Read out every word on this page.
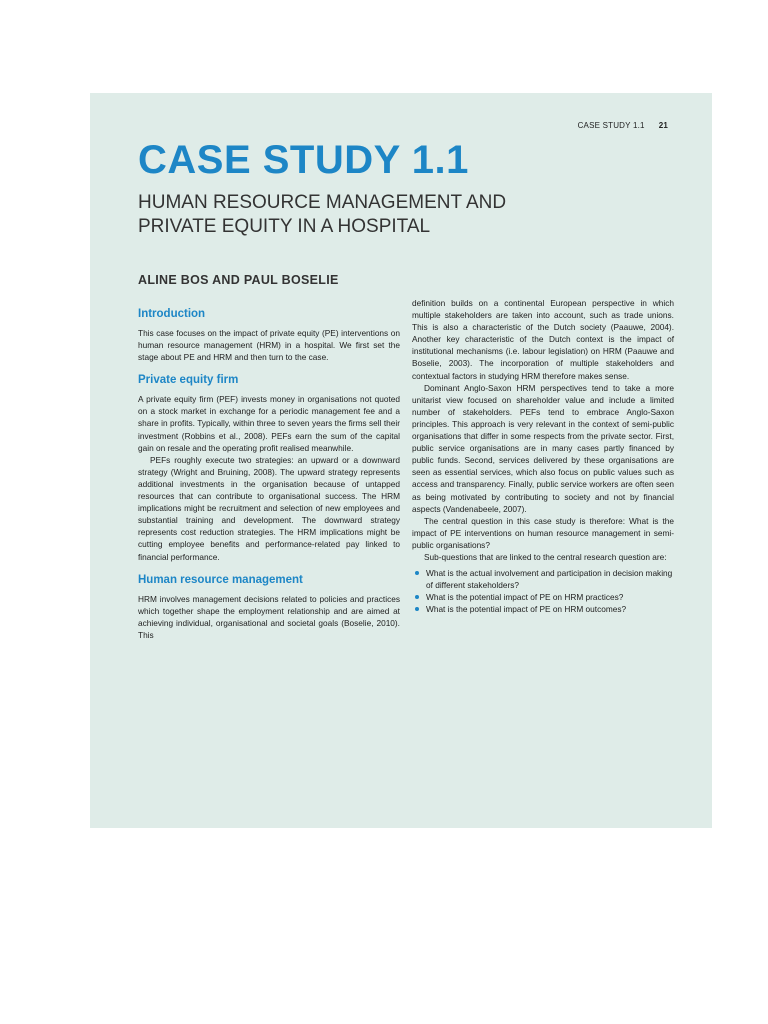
CASE STUDY 1.1 21
CASE STUDY 1.1
HUMAN RESOURCE MANAGEMENT AND PRIVATE EQUITY IN A HOSPITAL

ALINE BOS AND PAUL BOSELIE

Introduction

This case focuses on the impact of private equity (PE) interventions on human resource management (HRM) in a hospital. We first set the stage about PE and HRM and then turn to the case.

Private equity firm

A private equity firm (PEF) invests money in organisations not quoted on a stock market in exchange for a periodic management fee and a share in profits. Typically, within three to seven years the firms sell their investment (Robbins et al., 2008). PEFs earn the sum of the capital gain on resale and the operating profit realised meanwhile.

PEFs roughly execute two strategies: an upward or a downward strategy (Wright and Bruining, 2008). The upward strategy represents additional investments in the organisation because of untapped resources that can contribute to organisational success. The HRM implications might be recruitment and selection of new employees and substantial training and development. The downward strategy represents cost reduction strategies. The HRM implications might be cutting employee benefits and performance-related pay linked to financial performance.

Human resource management

HRM involves management decisions related to policies and practices which together shape the employment relationship and are aimed at achieving individual, organisational and societal goals (Boselie, 2010). This

definition builds on a continental European perspective in which multiple stakeholders are taken into account, such as trade unions. This is also a characteristic of the Dutch society (Paauwe, 2004). Another key characteristic of the Dutch context is the impact of institutional mechanisms (i.e. labour legislation) on HRM (Paauwe and Boselie, 2003). The incorporation of multiple stakeholders and contextual factors in studying HRM therefore makes sense.

Dominant Anglo-Saxon HRM perspectives tend to take a more unitarist view focused on shareholder value and include a limited number of stakeholders. PEFs tend to embrace Anglo-Saxon principles. This approach is very relevant in the context of semi-public organisations that differ in some respects from the private sector. First, public service organisations are in many cases partly financed by public funds. Second, services delivered by these organisations are seen as essential services, which also focus on public values such as access and transparency. Finally, public service workers are often seen as being motivated by contributing to society and not by financial aspects (Vandenabeele, 2007).

The central question in this case study is therefore: What is the impact of PE interventions on human resource management in semi-public organisations?

Sub-questions that are linked to the central research question are:

What is the actual involvement and participation in decision making of different stakeholders?
What is the potential impact of PE on HRM practices?
What is the potential impact of PE on HRM outcomes?
